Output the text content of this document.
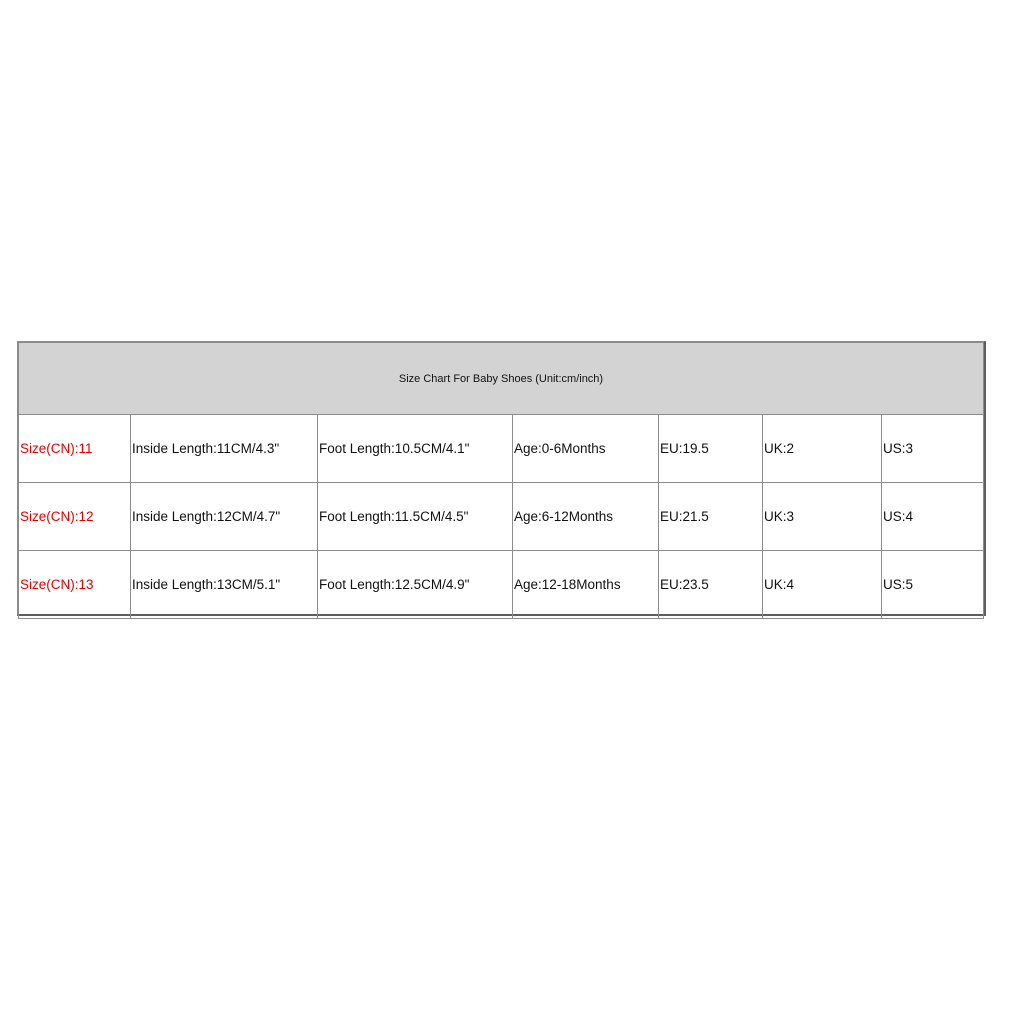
Size Chart For Baby Shoes (Unit:cm/inch)						
Size(CN):11	Inside Length:11CM/4.3"	Foot Length:10.5CM/4.1"	Age:0-6Months	EU:19.5	UK:2	US:3
Size(CN):12	Inside Length:12CM/4.7"	Foot Length:11.5CM/4.5"	Age:6-12Months	EU:21.5	UK:3	US:4
Size(CN):13	Inside Length:13CM/5.1"	Foot Length:12.5CM/4.9"	Age:12-18Months	EU:23.5	UK:4	US:5
